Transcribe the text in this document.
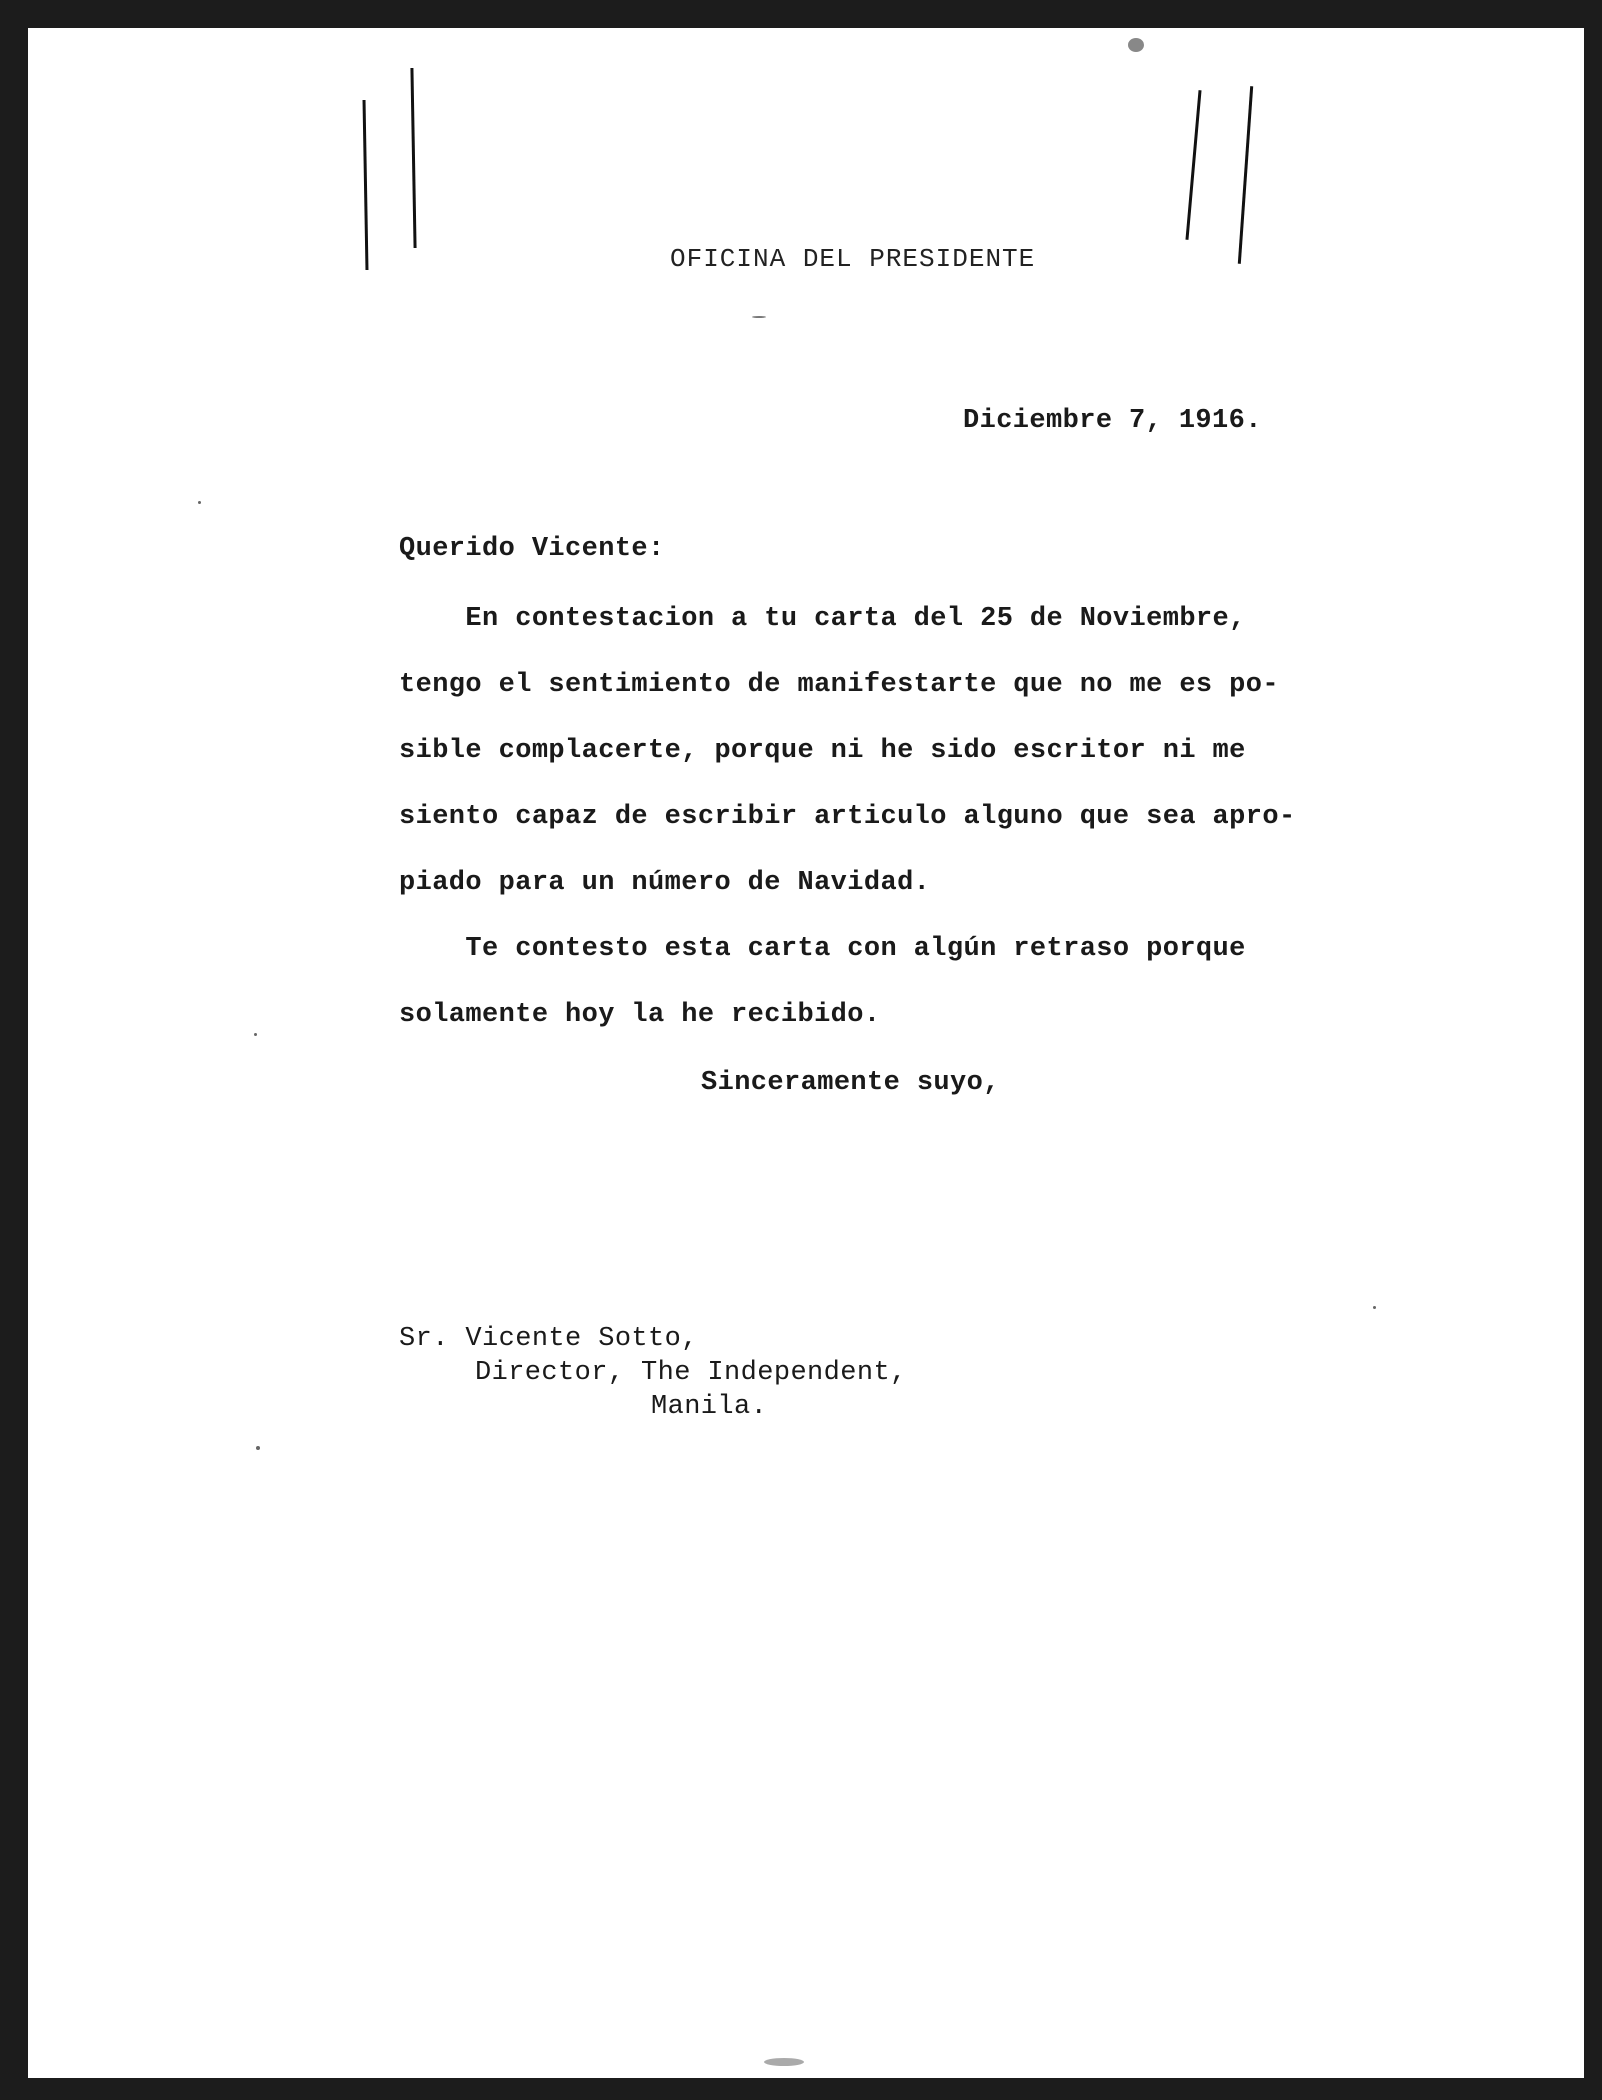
OFICINA DEL PRESIDENTE
Diciembre 7, 1916.
Querido Vicente:
En contestacion a tu carta del 25 de Noviembre,
tengo el sentimiento de manifestarte que no me es po-
sible complacerte, porque ni he sido escritor ni me
siento capaz de escribir articulo alguno que sea apro-
piado para un número de Navidad.
Te contesto esta carta con algún retraso porque
solamente hoy la he recibido.
Sinceramente suyo,
Sr. Vicente Sotto,
Director, The Independent,
Manila.
